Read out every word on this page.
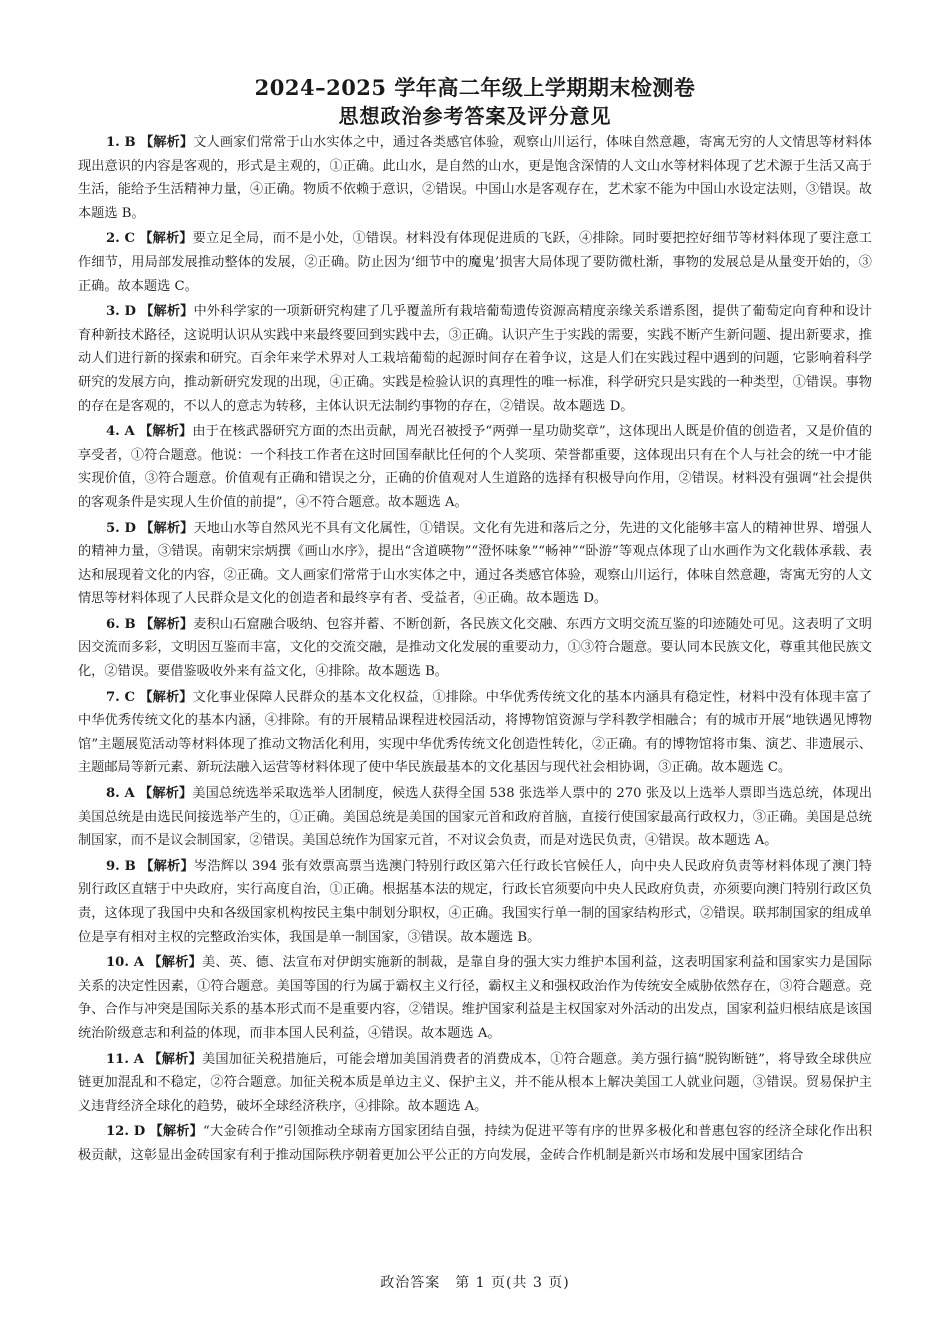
2024–2025 学年高二年级上学期期末检测卷
思想政治参考答案及评分意见

1. B 【解析】文人画家们常常于山水实体之中，通过各类感官体验，观察山川运行，体味自然意趣，寄寓无穷的人文情思等材料体现出意识的内容是客观的，形式是主观的，①正确。此山水，是自然的山水，更是饱含深情的人文山水等材料体现了艺术源于生活又高于生活，能给予生活精神力量，④正确。物质不依赖于意识，②错误。中国山水是客观存在，艺术家不能为中国山水设定法则，③错误。故本题选 B。

2. C 【解析】要立足全局，而不是小处，①错误。材料没有体现促进质的飞跃，④排除。同时要把控好细节等材料体现了要注意工作细节，用局部发展推动整体的发展，②正确。防止因为‘细节中的魔鬼’损害大局体现了要防微杜渐，事物的发展总是从量变开始的，③正确。故本题选 C。

3. D 【解析】中外科学家的一项新研究构建了几乎覆盖所有栽培葡萄遗传资源高精度亲缘关系谱系图，提供了葡萄定向育种和设计育种新技术路径，这说明认识从实践中来最终要回到实践中去，③正确。认识产生于实践的需要，实践不断产生新问题、提出新要求，推动人们进行新的探索和研究。百余年来学术界对人工栽培葡萄的起源时间存在着争议，这是人们在实践过程中遇到的问题，它影响着科学研究的发展方向，推动新研究发现的出现，④正确。实践是检验认识的真理性的唯一标准，科学研究只是实践的一种类型，①错误。事物的存在是客观的，不以人的意志为转移，主体认识无法制约事物的存在，②错误。故本题选 D。

4. A 【解析】由于在核武器研究方面的杰出贡献，周光召被授予“两弹一星功勋奖章”，这体现出人既是价值的创造者，又是价值的享受者，①符合题意。他说：一个科技工作者在这时回国奉献比任何的个人奖项、荣誉都重要，这体现出只有在个人与社会的统一中才能实现价值，③符合题意。价值观有正确和错误之分，正确的价值观对人生道路的选择有积极导向作用，②错误。材料没有强调“社会提供的客观条件是实现人生价值的前提”，④不符合题意。故本题选 A。

5. D 【解析】天地山水等自然风光不具有文化属性，①错误。文化有先进和落后之分，先进的文化能够丰富人的精神世界、增强人的精神力量，③错误。南朝宋宗炳撰《画山水序》，提出“含道暎物”“澄怀味象”“畅神”“卧游”等观点体现了山水画作为文化载体承载、表达和展现着文化的内容，②正确。文人画家们常常于山水实体之中，通过各类感官体验，观察山川运行，体味自然意趣，寄寓无穷的人文情思等材料体现了人民群众是文化的创造者和最终享有者、受益者，④正确。故本题选 D。

6. B 【解析】麦积山石窟融合吸纳、包容并蓄、不断创新，各民族文化交融、东西方文明交流互鉴的印迹随处可见。这表明了文明因交流而多彩，文明因互鉴而丰富，文化的交流交融，是推动文化发展的重要动力，①③符合题意。要认同本民族文化，尊重其他民族文化，②错误。要借鉴吸收外来有益文化，④排除。故本题选 B。

7. C 【解析】文化事业保障人民群众的基本文化权益，①排除。中华优秀传统文化的基本内涵具有稳定性，材料中没有体现丰富了中华优秀传统文化的基本内涵，④排除。有的开展精品课程进校园活动，将博物馆资源与学科教学相融合；有的城市开展“地铁遇见博物馆”主题展览活动等材料体现了推动文物活化利用，实现中华优秀传统文化创造性转化，②正确。有的博物馆将市集、演艺、非遗展示、主题邮局等新元素、新玩法融入运营等材料体现了使中华民族最基本的文化基因与现代社会相协调，③正确。故本题选 C。

8. A 【解析】美国总统选举采取选举人团制度，候选人获得全国 538 张选举人票中的 270 张及以上选举人票即当选总统，体现出美国总统是由选民间接选举产生的，①正确。美国总统是美国的国家元首和政府首脑，直接行使国家最高行政权力，③正确。美国是总统制国家，而不是议会制国家，②错误。美国总统作为国家元首，不对议会负责，而是对选民负责，④错误。故本题选 A。

9. B 【解析】岑浩辉以 394 张有效票高票当选澳门特别行政区第六任行政长官候任人，向中央人民政府负责等材料体现了澳门特别行政区直辖于中央政府，实行高度自治，①正确。根据基本法的规定，行政长官须要向中央人民政府负责，亦须要向澳门特别行政区负责，这体现了我国中央和各级国家机构按民主集中制划分职权，④正确。我国实行单一制的国家结构形式，②错误。联邦制国家的组成单位是享有相对主权的完整政治实体，我国是单一制国家，③错误。故本题选 B。

10. A 【解析】美、英、德、法宣布对伊朗实施新的制裁，是靠自身的强大实力维护本国利益，这表明国家利益和国家实力是国际关系的决定性因素，①符合题意。美国等国的行为属于霸权主义行径，霸权主义和强权政治作为传统安全威胁依然存在，③符合题意。竞争、合作与冲突是国际关系的基本形式而不是重要内容，②错误。维护国家利益是主权国家对外活动的出发点，国家利益归根结底是该国统治阶级意志和利益的体现，而非本国人民利益，④错误。故本题选 A。

11. A 【解析】美国加征关税措施后，可能会增加美国消费者的消费成本，①符合题意。美方强行搞“脱钩断链”，将导致全球供应链更加混乱和不稳定，②符合题意。加征关税本质是单边主义、保护主义，并不能从根本上解决美国工人就业问题，③错误。贸易保护主义违背经济全球化的趋势，破坏全球经济秩序，④排除。故本题选 A。

12. D 【解析】“大金砖合作”引领推动全球南方国家团结自强，持续为促进平等有序的世界多极化和普惠包容的经济全球化作出积极贡献，这彰显出金砖国家有利于推动国际秩序朝着更加公平公正的方向发展，金砖合作机制是新兴市场和发展中国家团结合

政治答案　第 1 页(共 3 页)
